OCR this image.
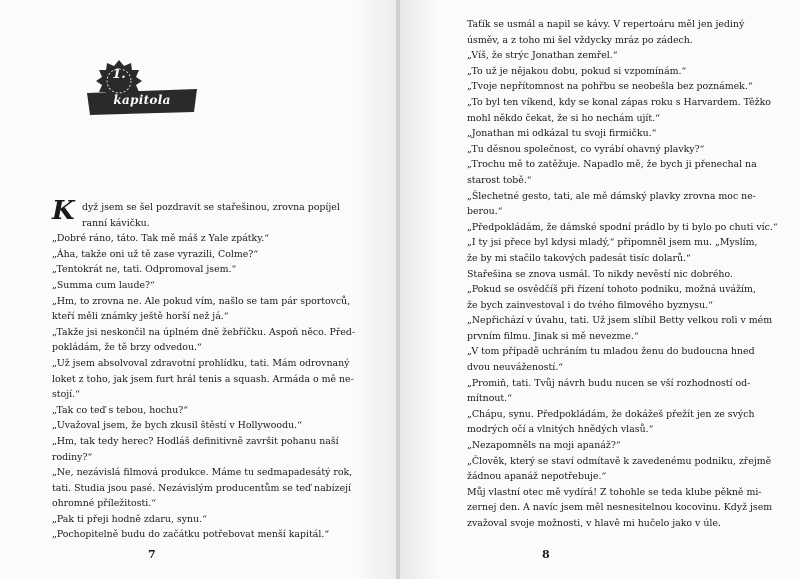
1.
kapitola
K dyž jsem se šel pozdravit se stařešinou, zrovna popíjel

ranní kávičku.

„Dobré ráno, táto. Tak mě máš z Yale zpátky.“

„Áha, takže oni už tě zase vyrazili, Colme?“

„Tentokrát ne, tati. Odpromoval jsem.“

„Summa cum laude?“

„Hm, to zrovna ne. Ale pokud vím, našlo se tam pár sportovců,

kteří měli známky ještě horší než já.“

„Takže jsi neskončil na úplném dně žebříčku. Aspoň něco. Před-

pokládám, že tě brzy odvedou.“

„Už jsem absolvoval zdravotní prohlídku, tati. Mám odrovnaný

loket z toho, jak jsem furt hrál tenis a squash. Armáda o mě ne-

stojí.“

„Tak co teď s tebou, hochu?“

„Uvažoval jsem, že bych zkusil štěstí v Hollywoodu.“

„Hm, tak tedy herec? Hodláš definitivně završit pohanu naší

rodiny?“

„Ne, nezávislá filmová produkce. Máme tu sedmapadesátý rok,

tati. Studia jsou pasé. Nezávislým producentům se teď nabízejí

ohromné příležitosti.“

„Pak ti přeji hodně zdaru, synu.“

„Pochopitelně budu do začátku potřebovat menší kapitál.“

7

Taťík se usmál a napil se kávy. V repertoáru měl jen jediný

úsměv, a z toho mi šel vždycky mráz po zádech.

„Víš, že strýc Jonathan zemřel.“

„To už je nějakou dobu, pokud si vzpomínám.“

„Tvoje nepřítomnost na pohřbu se neobešla bez poznámek.“

„To byl ten víkend, kdy se konal zápas roku s Harvardem. Těžko

mohl někdo čekat, že si ho nechám ujít.“

„Jonathan mi odkázal tu svoji firmičku.“

„Tu děsnou společnost, co vyrábí ohavný plavky?“

„Trochu mě to zatěžuje. Napadlo mě, že bych ji přenechal na

starost tobě.“

„Šlechetné gesto, tati, ale mě dámský plavky zrovna moc ne-

berou.“

„Předpokládám, že dámské spodní prádlo by ti bylo po chuti víc.“

„I ty jsi přece byl kdysi mladý,“ připomněl jsem mu. „Myslím,

že by mi stačilo takových padesát tisíc dolarů.“

Stařešina se znova usmál. To nikdy nevěstí nic dobrého.

„Pokud se osvědčíš při řízení tohoto podniku, možná uvážím,

že bych zainvestoval i do tvého filmového byznysu.“

„Nepřichází v úvahu, tati. Už jsem slíbil Betty velkou roli v mém

prvním filmu. Jinak si mě nevezme.“

„V tom případě uchráním tu mladou ženu do budoucna hned

dvou neuvážeností.“

„Promiň, tati. Tvůj návrh budu nucen se vší rozhodností od-

mítnout.“

„Chápu, synu. Předpokládám, že dokážeš přežít jen ze svých

modrých očí a vlnitých hnědých vlasů.“

„Nezapomněls na moji apanáž?“

„Člověk, který se staví odmítavě k zavedenému podniku, zřejmě

žádnou apanáž nepotřebuje.“

Můj vlastní otec mě vydírá! Z tohohle se teda klube pěkně mi-

zernej den. A navíc jsem měl nesnesitelnou kocovinu. Když jsem

zvažoval svoje možnosti, v hlavě mi hučelo jako v úle.

8
